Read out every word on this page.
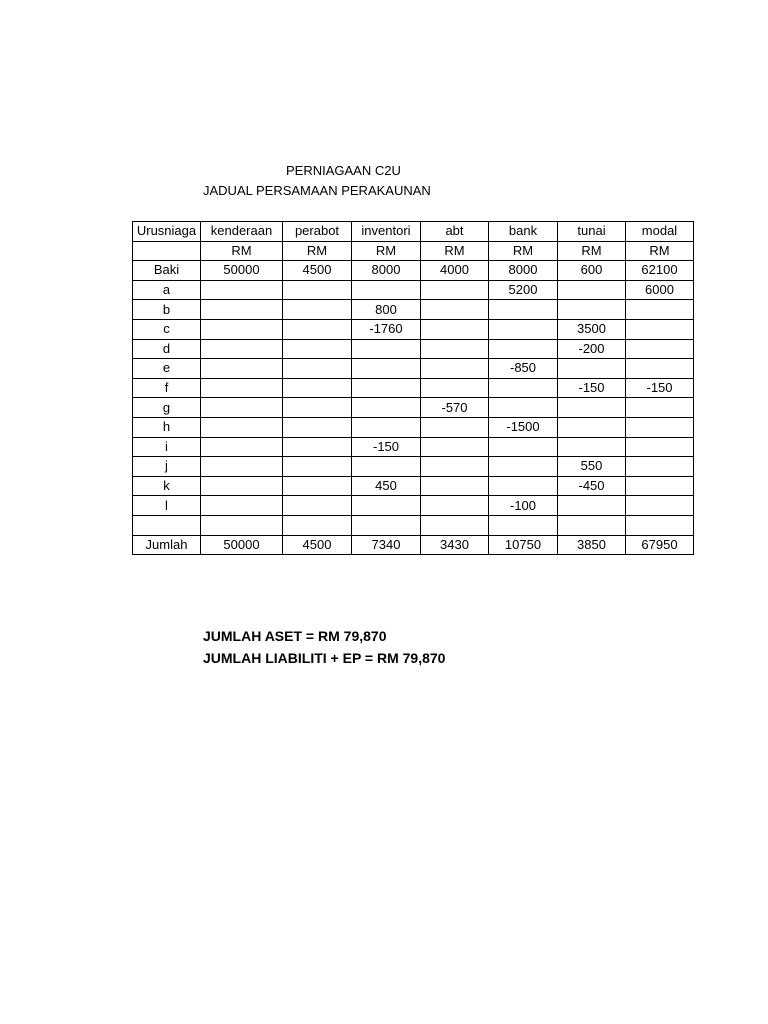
PERNIAGAAN C2U
JADUAL PERSAMAAN PERAKAUNAN
Urusniaga	kenderaan	perabot	inventori	abt	bank	tunai	modal
	RM	RM	RM	RM	RM	RM	RM
Baki	50000	4500	8000	4000	8000	600	62100
a					5200		6000
b			800				
c			-1760			3500	
d						-200	
e					-850		
f						-150	-150
g				-570			
h					-1500		
i			-150				
j						550	
k			450			-450	
l					-100		

Jumlah	50000	4500	7340	3430	10750	3850	67950
JUMLAH ASET = RM 79,870
JUMLAH LIABILITI + EP = RM 79,870
